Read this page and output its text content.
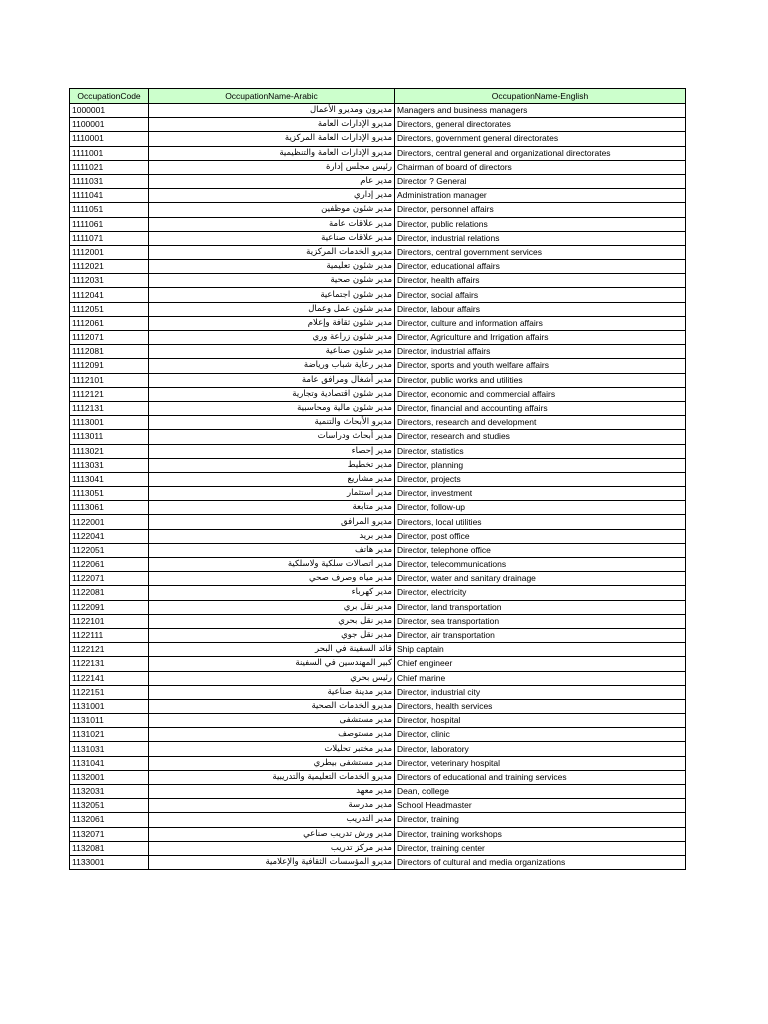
OccupationCode	OccupationName-Arabic	OccupationName-English
1000001	مديرون ومديرو الأعمال	Managers and business managers
1100001	مديرو الإدارات العامة	Directors, general directorates
1110001	مديرو الإدارات العامة المركزية	Directors, government general directorates
1111001	مديرو الإدارات العامة والتنظيمية	Directors, central general and organizational directorates
1111021	رئيس مجلس إدارة	Chairman of board of directors
1111031	مدير عام	Director ? General
1111041	مدير إداري	Administration manager
1111051	مدير شئون موظفين	Director, personnel affairs
1111061	مدير علاقات عامة	Director, public relations
1111071	مدير علاقات صناعية	Director, industrial relations
1112001	مديرو الخدمات المركزية	Directors, central government services
1112021	مدير شئون تعليمية	Director, educational affairs
1112031	مدير شئون صحية	Director, health affairs
1112041	مدير شئون اجتماعية	Director, social affairs
1112051	مدير شئون عمل وعمال	Director, labour affairs
1112061	مدير شئون ثقافة وإعلام	Director, culture and information affairs
1112071	مدير شئون زراعة وري	Director, Agriculture and Irrigation affairs
1112081	مدير شئون صناعية	Director, industrial affairs
1112091	مدير رعاية شباب ورياضة	Director, sports and youth welfare affairs
1112101	مدير أشغال ومرافق عامة	Director, public works and utilities
1112121	مدير شئون اقتصادية وتجارية	Director, economic and commercial affairs
1112131	مدير شئون مالية ومحاسبية	Director, financial and accounting affairs
1113001	مديرو الأبحاث والتنمية	Directors, research and development
1113011	مدير أبحاث ودراسات	Director, research and studies
1113021	مدير إحصاء	Director, statistics
1113031	مدير تخطيط	Director, planning
1113041	مدير مشاريع	Director, projects
1113051	مدير استثمار	Director, investment
1113061	مدير متابعة	Director, follow-up
1122001	مديرو المرافق	Directors, local utilities
1122041	مدير بريد	Director, post office
1122051	مدير هاتف	Director, telephone office
1122061	مدير اتصالات سلكية ولاسلكية	Director, telecommunications
1122071	مدير مياه وصرف صحي	Director, water and sanitary drainage
1122081	مدير كهرباء	Director, electricity
1122091	مدير نقل بري	Director, land transportation
1122101	مدير نقل بحري	Director, sea transportation
1122111	مدير نقل جوي	Director, air transportation
1122121	قائد السفينة في البحر	Ship captain
1122131	كبير المهندسين في السفينة	Chief engineer
1122141	رئيس بحري	Chief marine
1122151	مدير مدينة صناعية	Director, industrial city
1131001	مديرو الخدمات الصحية	Directors, health services
1131011	مدير مستشفى	Director, hospital
1131021	مدير مستوصف	Director, clinic
1131031	مدير مختبر تحليلات	Director, laboratory
1131041	مدير مستشفى بيطري	Director, veterinary hospital
1132001	مديرو الخدمات التعليمية والتدريبية	Directors of educational and training services
1132031	مدير معهد	Dean, college
1132051	مدير مدرسة	School Headmaster
1132061	مدير التدريب	Director, training
1132071	مدير ورش تدريب صناعي	Director, training workshops
1132081	مدير مركز تدريب	Director, training center
1133001	مديرو المؤسسات الثقافية والإعلامية	Directors of cultural and media organizations
